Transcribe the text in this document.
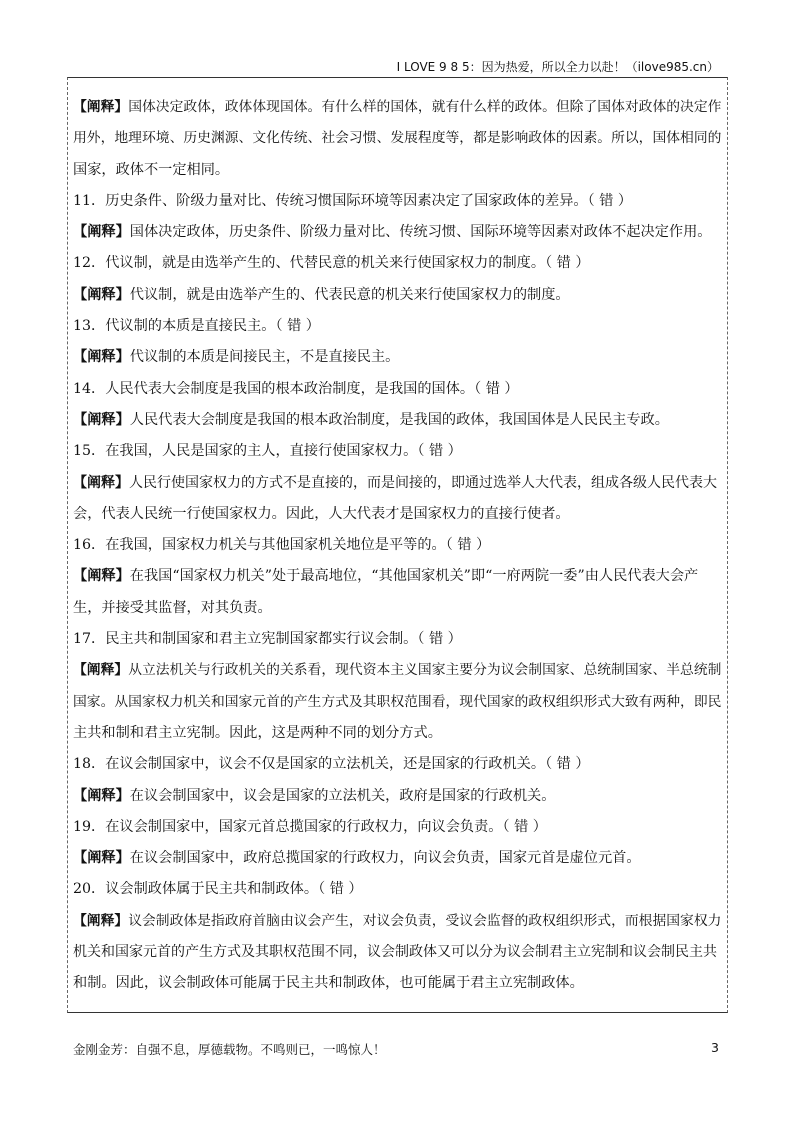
I LOVE 9 8 5：因为热爱，所以全力以赴！（ilove985.cn）
【阐释】国体决定政体，政体体现国体。有什么样的国体，就有什么样的政体。但除了国体对政体的决定作
用外，地理环境、历史渊源、文化传统、社会习惯、发展程度等，都是影响政体的因素。所以，国体相同的
国家，政体不一定相同。
11．历史条件、阶级力量对比、传统习惯国际环境等因素决定了国家政体的差异。（ 错 ）
【阐释】国体决定政体，历史条件、阶级力量对比、传统习惯、国际环境等因素对政体不起决定作用。
12．代议制，就是由选举产生的、代替民意的机关来行使国家权力的制度。（ 错 ）
【阐释】代议制，就是由选举产生的、代表民意的机关来行使国家权力的制度。
13．代议制的本质是直接民主。（ 错 ）
【阐释】代议制的本质是间接民主，不是直接民主。
14．人民代表大会制度是我国的根本政治制度，是我国的国体。（ 错 ）
【阐释】人民代表大会制度是我国的根本政治制度，是我国的政体，我国国体是人民民主专政。
15．在我国，人民是国家的主人，直接行使国家权力。（ 错 ）
【阐释】人民行使国家权力的方式不是直接的，而是间接的，即通过选举人大代表，组成各级人民代表大
会，代表人民统一行使国家权力。因此，人大代表才是国家权力的直接行使者。
16．在我国，国家权力机关与其他国家机关地位是平等的。（ 错 ）
【阐释】在我国“国家权力机关”处于最高地位，“其他国家机关”即“一府两院一委”由人民代表大会产
生，并接受其监督，对其负责。
17．民主共和制国家和君主立宪制国家都实行议会制。（ 错 ）
【阐释】从立法机关与行政机关的关系看，现代资本主义国家主要分为议会制国家、总统制国家、半总统制
国家。从国家权力机关和国家元首的产生方式及其职权范围看，现代国家的政权组织形式大致有两种，即民
主共和制和君主立宪制。因此，这是两种不同的划分方式。
18．在议会制国家中，议会不仅是国家的立法机关，还是国家的行政机关。（ 错 ）
【阐释】在议会制国家中，议会是国家的立法机关，政府是国家的行政机关。
19．在议会制国家中，国家元首总揽国家的行政权力，向议会负责。（ 错 ）
【阐释】在议会制国家中，政府总揽国家的行政权力，向议会负责，国家元首是虚位元首。
20．议会制政体属于民主共和制政体。（ 错 ）
【阐释】议会制政体是指政府首脑由议会产生，对议会负责，受议会监督的政权组织形式，而根据国家权力
机关和国家元首的产生方式及其职权范围不同，议会制政体又可以分为议会制君主立宪制和议会制民主共
和制。因此，议会制政体可能属于民主共和制政体，也可能属于君主立宪制政体。
金刚金芳：自强不息，厚德载物。不鸣则已，一鸣惊人！	3
